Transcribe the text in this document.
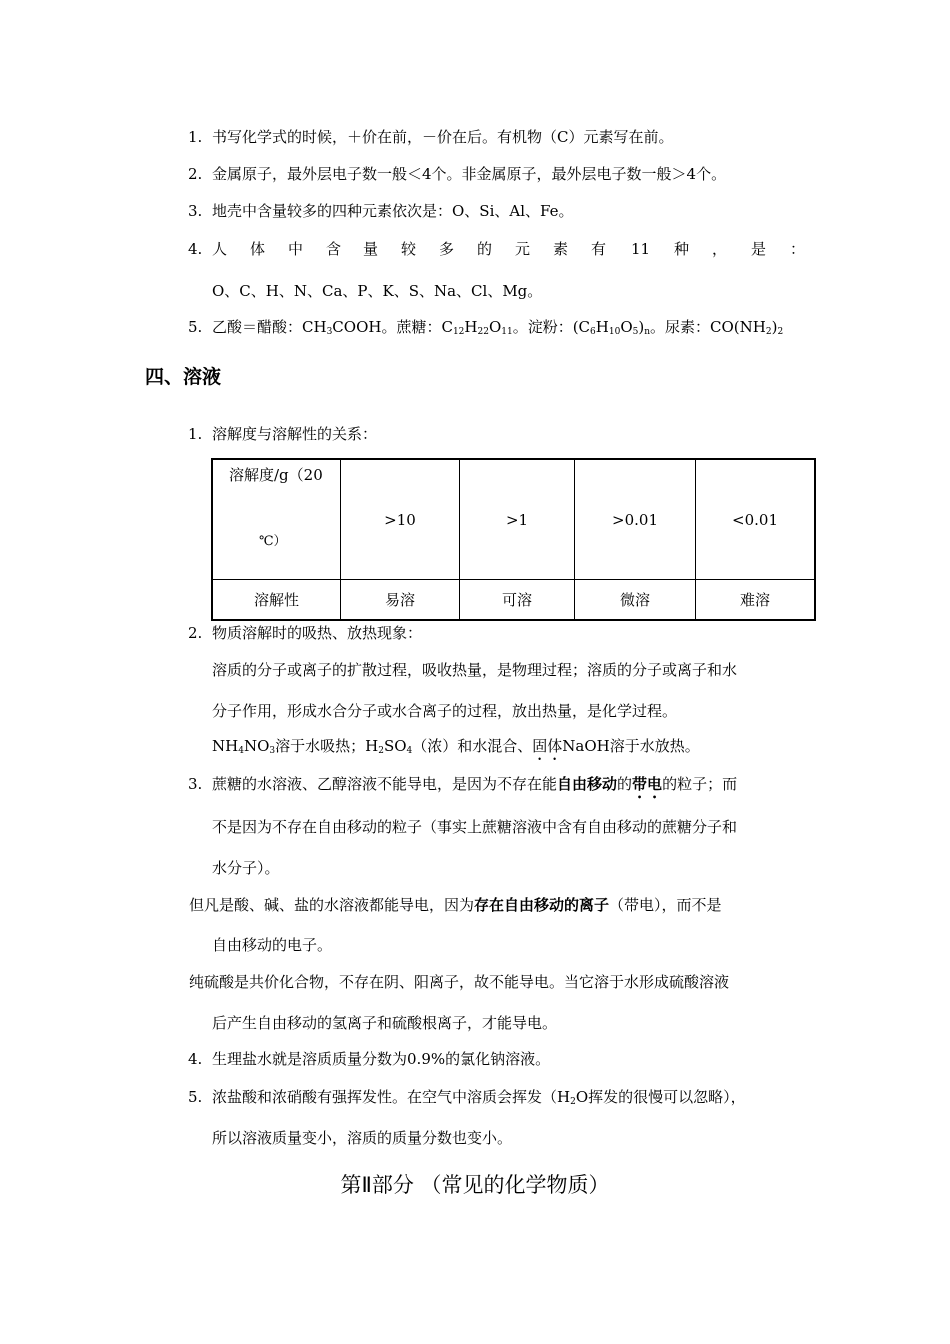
1. 书写化学式的时候，＋价在前，－价在后。有机物（C）元素写在前。
2. 金属原子，最外层电子数一般＜4个。非金属原子，最外层电子数一般＞4个。
3. 地壳中含量较多的四种元素依次是：O、Si、Al、Fe。
4. 人 体 中 含 量 较 多 的 元 素 有 11 种 ， 是 ：
O、C、H、N、Ca、P、K、S、Na、Cl、Mg。
5. 乙酸＝醋酸：$CH_3COOH$。蔗糖：$C_{12}H_{22}O_{11}$。淀粉：$(C_6H_{10}O_5)_n$。尿素：$CO(NH_2)_2$
四、溶液
1. 溶解度与溶解性的关系：
溶解度/g（20
℃）	>10	>1	>0.01	<0.01
溶解性	易溶	可溶	微溶	难溶
2. 物质溶解时的吸热、放热现象：
溶质的分子或离子的扩散过程，吸收热量，是物理过程；溶质的分子或离子和水
分子作用，形成水合分子或水合离子的过程，放出热量，是化学过程。
$NH_4NO_3$溶于水吸热；$H_2SO_4$（浓）和水混合、固体NaOH溶于水放热。
3. 蔗糖的水溶液、乙醇溶液不能导电，是因为不存在能自由移动的带电的粒子；而
不是因为不存在自由移动的粒子（事实上蔗糖溶液中含有自由移动的蔗糖分子和
水分子）。
但凡是酸、碱、盐的水溶液都能导电，因为存在自由移动的离子（带电），而不是
自由移动的电子。
纯硫酸是共价化合物，不存在阴、阳离子，故不能导电。当它溶于水形成硫酸溶液
后产生自由移动的氢离子和硫酸根离子，才能导电。
4. 生理盐水就是溶质质量分数为0.9%的氯化钠溶液。
5. 浓盐酸和浓硝酸有强挥发性。在空气中溶质会挥发（$H_2O$挥发的很慢可以忽略），
所以溶液质量变小，溶质的质量分数也变小。
第Ⅱ部分 （常见的化学物质）
